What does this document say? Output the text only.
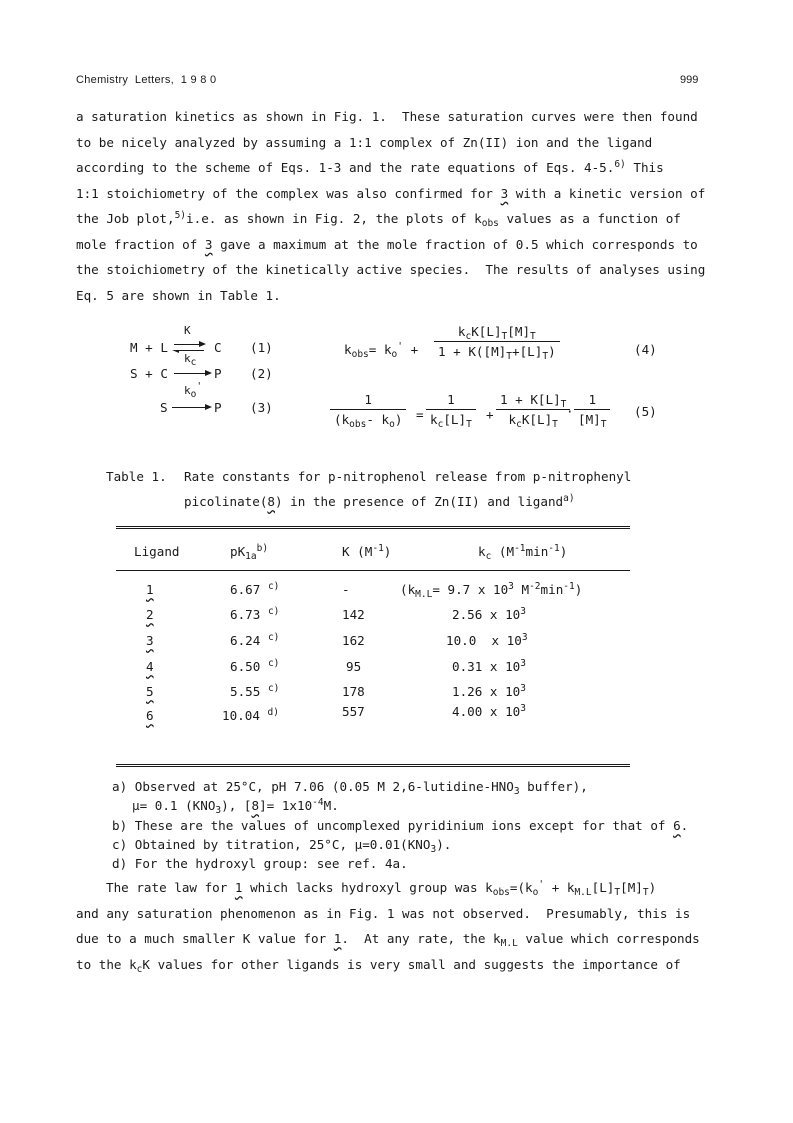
Chemistry  Letters,  1 9 8 0	999
a saturation kinetics as shown in Fig. 1.  These saturation curves were then found
to be nicely analyzed by assuming a 1:1 complex of Zn(II) ion and the ligand
according to the scheme of Eqs. 1-3 and the rate equations of Eqs. 4-5.$^{6)}$ This
1:1 stoichiometry of the complex was also confirmed for 3 with a kinetic version of
the Job plot,$^{5)}$i.e. as shown in Fig. 2, the plots of $k_{obs}$ values as a function of
mole fraction of 3 gave a maximum at the mole fraction of 0.5 which corresponds to
the stoichiometry of the kinetically active species.  The results of analyses using
Eq. 5 are shown in Table 1.
M + L
K
C (1)
S + C
$k_c$
P (2)
S
$k_o'$
P (3)
$k_{obs}= k_o'$ +
$k_cK[L]_T[M]_T$
$1 + K([M]_T+[L]_T)$	(4)
1
($k_{obs}-$ $k_o$)	=
1
$k_c[L]_T$
+
$1 + K[L]_T$
$k_cK[L]_T$
·
1
$[M]_T$
(5)
Table 1. Rate constants for p-nitrophenol release from p-nitrophenyl
picolinate(8) in the presence of Zn(II) and ligand$^{a)}$
Ligand	$pK_{1a}^{b)}$	K $(M^{-1})$	$k_c$ $(M^{-1}\min^{-1})$
1	6.67 $^{c)}$	-	($k_{M.L}= 9.7$ x $10^3$ $M^{-2}\min^{-1}$)
2	6.73 $^{c)}$	142	2.56 x $10^3$
3	6.24 $^{c)}$	162	10.0  x $10^3$
4	6.50 $^{c)}$	95	0.31 x $10^3$
5	5.55 $^{c)}$	178	1.26 x $10^3$
6	10.04 $^{d)}$	557	4.00 x $10^3$
a) Observed at 25°C, pH 7.06 (0.05 M $2,6-lutidine-HNO_3$ buffer),
μ= 0.1 $(KNO_3)$, $[8]= 1x10^{-4}M$.
b) These are the values of uncomplexed pyridinium ions except for that of 6.
c) Obtained by titration, 25°C, $\mu=0.01(KNO_3)$.
d) For the hydroxyl group: see ref. 4a.
The rate law for 1 which lacks hydroxyl group was $k_{obs}=(k_o' + k_{M.L}[L]_T[M]_T)$
and any saturation phenomenon as in Fig. 1 was not observed.  Presumably, this is
due to a much smaller K value for 1.  At any rate, the $k_{M.L}$ value which corresponds
to the $k_cK$ values for other ligands is very small and suggests the importance of
